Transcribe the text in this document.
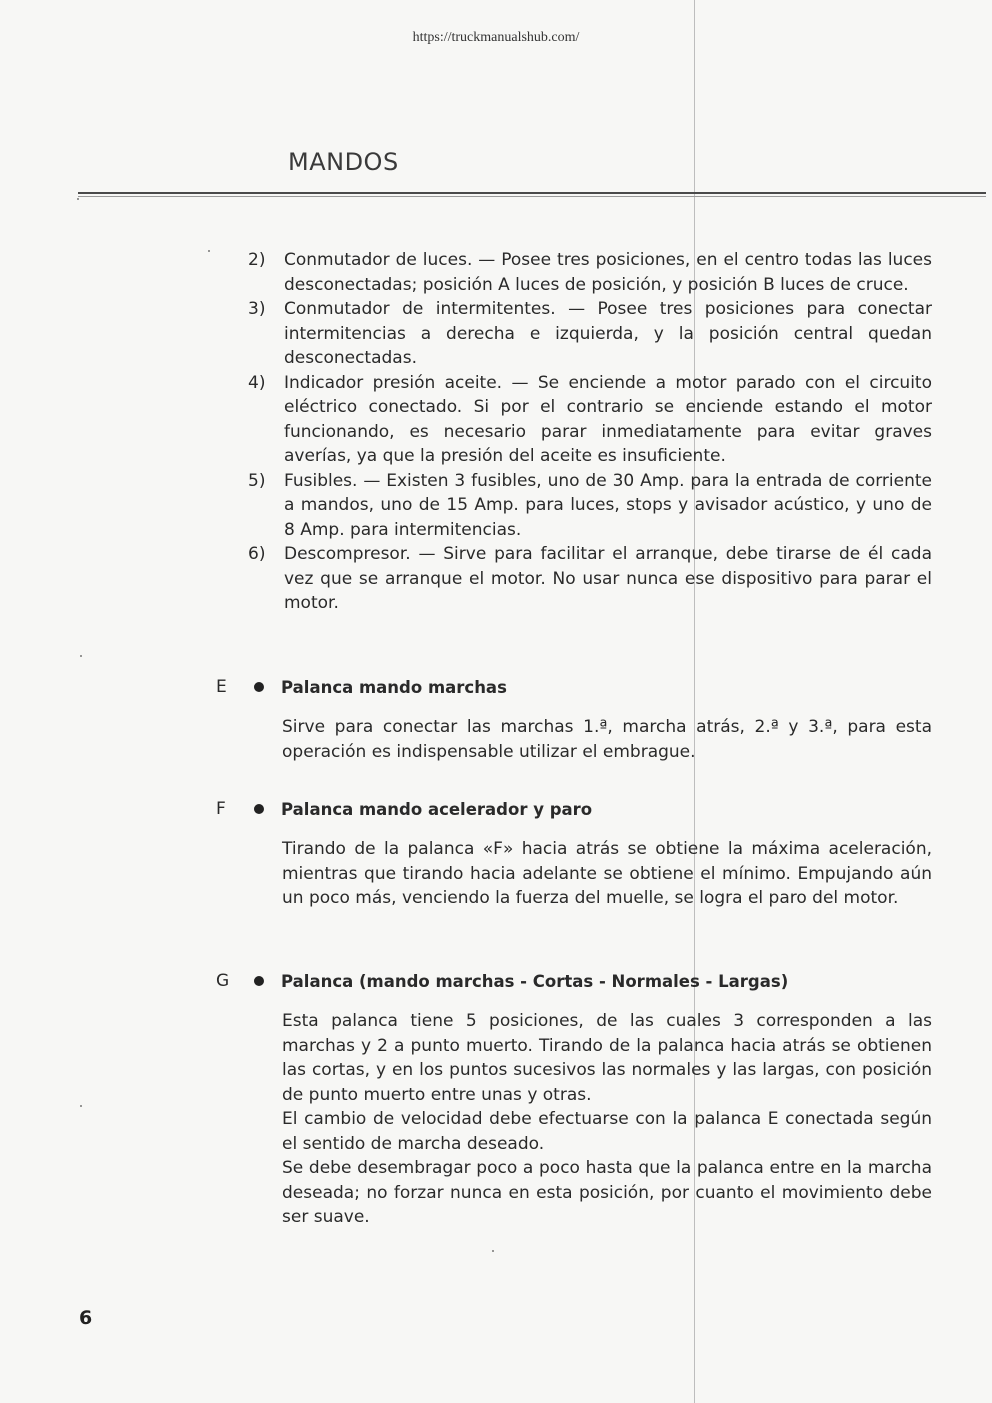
https://truckmanualshub.com/
MANDOS
2)	Conmutador de luces. — Posee tres posiciones, en el centro todas las luces desconectadas; posición A luces de posición, y posición B luces de cruce.
3)	Conmutador de intermitentes. — Posee tres posiciones para conectar intermitencias a derecha e izquierda, y la posición central quedan desconectadas.
4)	Indicador presión aceite. — Se enciende a motor parado con el circuito eléctrico conectado. Si por el contrario se enciende estando el motor funcionando, es necesario parar inmediatamente para evitar graves averías, ya que la presión del aceite es insuficiente.
5)	Fusibles. — Existen 3 fusibles, uno de 30 Amp. para la entrada de corriente a mandos, uno de 15 Amp. para luces, stops y avisador acústico, y uno de 8 Amp. para intermitencias.
6)	Descompresor. — Sirve para facilitar el arranque, debe tirarse de él cada vez que se arranque el motor. No usar nunca ese dispositivo para parar el motor.
E	Palanca mando marchas

Sirve para conectar las marchas 1.ª, marcha atrás, 2.ª y 3.ª, para esta operación es indispensable utilizar el embrague.

F	Palanca mando acelerador y paro

Tirando de la palanca «F» hacia atrás se obtiene la máxima aceleración, mientras que tirando hacia adelante se obtiene el mínimo. Empujando aún un poco más, venciendo la fuerza del muelle, se logra el paro del motor.

G	Palanca (mando marchas - Cortas - Normales - Largas)

Esta palanca tiene 5 posiciones, de las cuales 3 corresponden a las marchas y 2 a punto muerto. Tirando de la palanca hacia atrás se obtienen las cortas, y en los puntos sucesivos las normales y las largas, con posición de punto muerto entre unas y otras.

El cambio de velocidad debe efectuarse con la palanca E conectada según el sentido de marcha deseado.

Se debe desembragar poco a poco hasta que la palanca entre en la marcha deseada; no forzar nunca en esta posición, por cuanto el movimiento debe ser suave.

6
